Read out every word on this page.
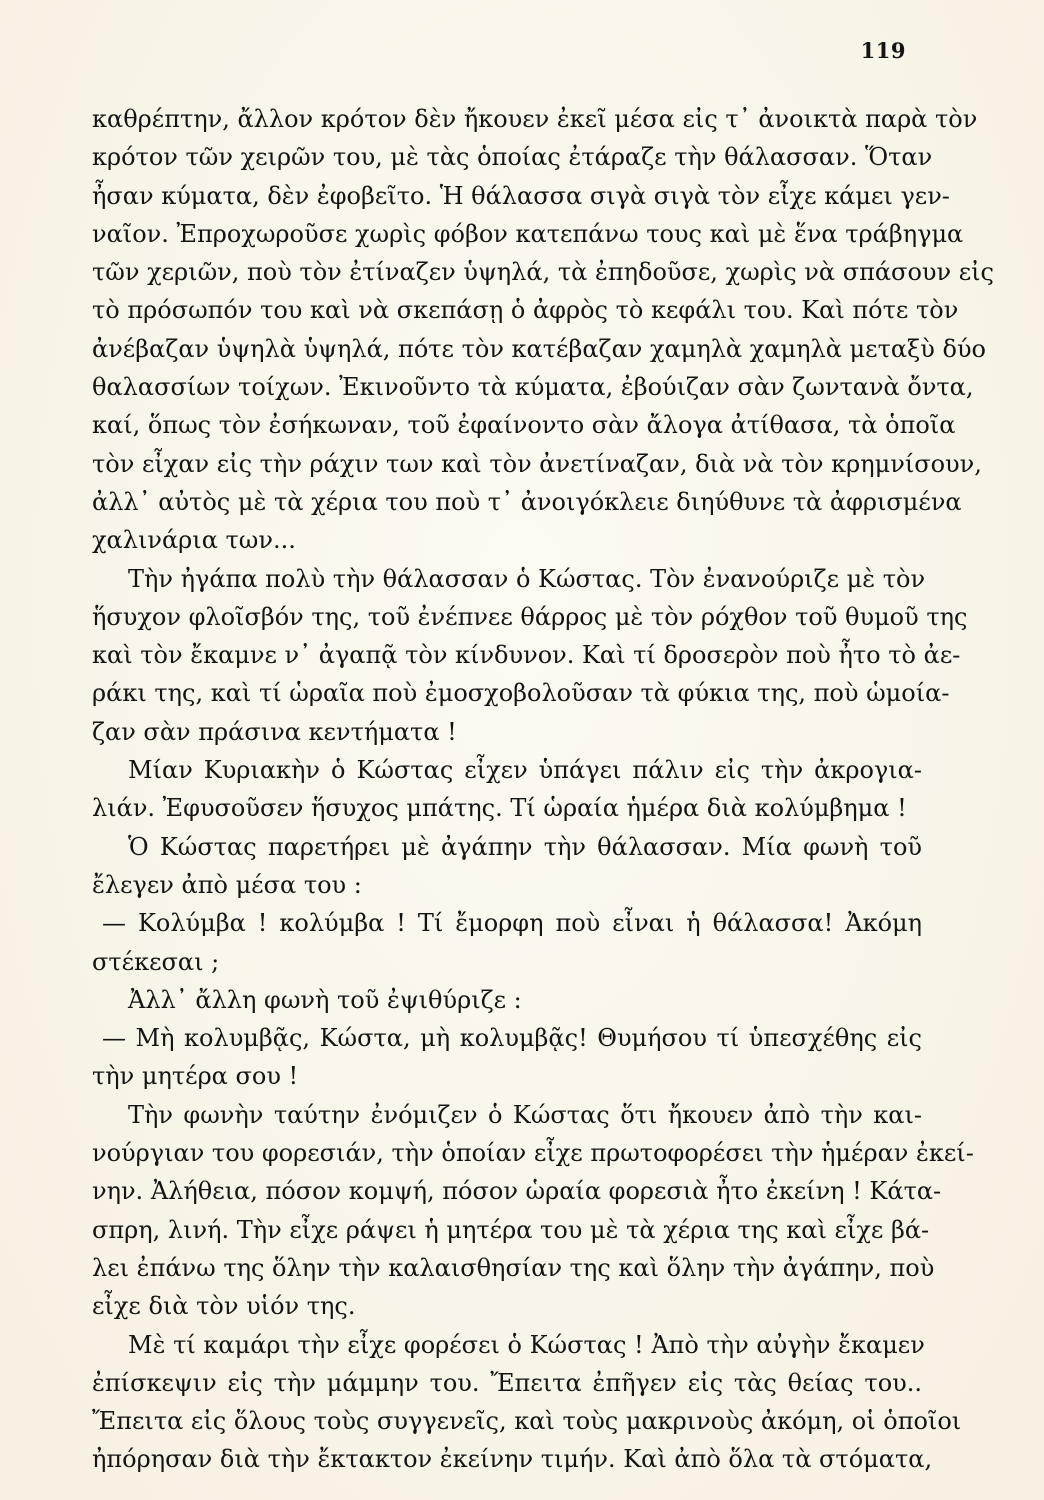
119
καθρέπτην, ἄλλον κρότον δὲν ἤκουεν ἐκεῖ μέσα εἰς τ᾽ ἀνοικτὰ παρὰ τὸν
κρότον τῶν χειρῶν του, μὲ τὰς ὁποίας ἐτάραζε τὴν θάλασσαν. Ὅταν
ἦσαν κύματα, δὲν ἐφοβεῖτο. Ἡ θάλασσα σιγὰ σιγὰ τὸν εἶχε κάμει γεν-
ναῖον. Ἐπροχωροῦσε χωρὶς φόβον κατεπάνω τους καὶ μὲ ἕνα τράβηγμα
τῶν χεριῶν, ποὺ τὸν ἐτίναζεν ὑψηλά, τὰ ἐπηδοῦσε, χωρὶς νὰ σπάσουν εἰς
τὸ πρόσωπόν του καὶ νὰ σκεπάσῃ ὁ ἀφρὸς τὸ κεφάλι του. Καὶ πότε τὸν
ἀνέβαζαν ὑψηλὰ ὑψηλά, πότε τὸν κατέβαζαν χαμηλὰ χαμηλὰ μεταξὺ δύο
θαλασσίων τοίχων. Ἐκινοῦντο τὰ κύματα, ἐβούιζαν σὰν ζωντανὰ ὄντα,
καί, ὅπως τὸν ἐσήκωναν, τοῦ ἐφαίνοντο σὰν ἄλογα ἀτίθασα, τὰ ὁποῖα
τὸν εἶχαν εἰς τὴν ράχιν των καὶ τὸν ἀνετίναζαν, διὰ νὰ τὸν κρημνίσουν,
ἀλλ᾽ αὐτὸς μὲ τὰ χέρια του ποὺ τ᾽ ἀνοιγόκλειε διηύθυνε τὰ ἀφρισμένα
χαλινάρια των...
Τὴν ἠγάπα πολὺ τὴν θάλασσαν ὁ Κώστας. Τὸν ἐνανούριζε μὲ τὸν
ἥσυχον φλοῖσβόν της, τοῦ ἐνέπνεε θάρρος μὲ τὸν ρόχθον τοῦ θυμοῦ της
καὶ τὸν ἔκαμνε ν᾽ ἀγαπᾷ τὸν κίνδυνον. Καὶ τί δροσερὸν ποὺ ἦτο τὸ ἀε-
ράκι της, καὶ τί ὡραῖα ποὺ ἐμοσχοβολοῦσαν τὰ φύκια της, ποὺ ὡμοία-
ζαν σὰν πράσινα κεντήματα !
Μίαν Κυριακὴν ὁ Κώστας εἶχεν ὑπάγει πάλιν εἰς τὴν ἀκρογια-
λιάν. Ἐφυσοῦσεν ἥσυχος μπάτης. Τί ὡραία ἡμέρα διὰ κολύμβημα !
Ὁ Κώστας παρετήρει μὲ ἀγάπην τὴν θάλασσαν. Μία φωνὴ τοῦ
ἔλεγεν ἀπὸ μέσα του :
— Κολύμβα ! κολύμβα ! Τί ἔμορφη ποὺ εἶναι ἡ θάλασσα! Ἀκόμη
στέκεσαι ;
Ἀλλ᾽ ἄλλη φωνὴ τοῦ ἐψιθύριζε :
— Μὴ κολυμβᾷς, Κώστα, μὴ κολυμβᾷς! Θυμήσου τί ὑπεσχέθης εἰς
τὴν μητέρα σου !
Τὴν φωνὴν ταύτην ἐνόμιζεν ὁ Κώστας ὅτι ἤκουεν ἀπὸ τὴν και-
νούργιαν του φορεσιάν, τὴν ὁποίαν εἶχε πρωτοφορέσει τὴν ἡμέραν ἐκεί-
νην. Ἀλήθεια, πόσον κομψή, πόσον ὡραία φορεσιὰ ἦτο ἐκείνη ! Κάτα-
σπρη, λινή. Τὴν εἶχε ράψει ἡ μητέρα του μὲ τὰ χέρια της καὶ εἶχε βά-
λει ἐπάνω της ὅλην τὴν καλαισθησίαν της καὶ ὅλην τὴν ἀγάπην, ποὺ
εἶχε διὰ τὸν υἱόν της.
Μὲ τί καμάρι τὴν εἶχε φορέσει ὁ Κώστας ! Ἀπὸ τὴν αὐγὴν ἔκαμεν
ἐπίσκεψιν εἰς τὴν μάμμην του. Ἔπειτα ἐπῆγεν εἰς τὰς θείας του..
Ἔπειτα εἰς ὅλους τοὺς συγγενεῖς, καὶ τοὺς μακρινοὺς ἀκόμη, οἱ ὁποῖοι
ἠπόρησαν διὰ τὴν ἔκτακτον ἐκείνην τιμήν. Καὶ ἀπὸ ὅλα τὰ στόματα,
